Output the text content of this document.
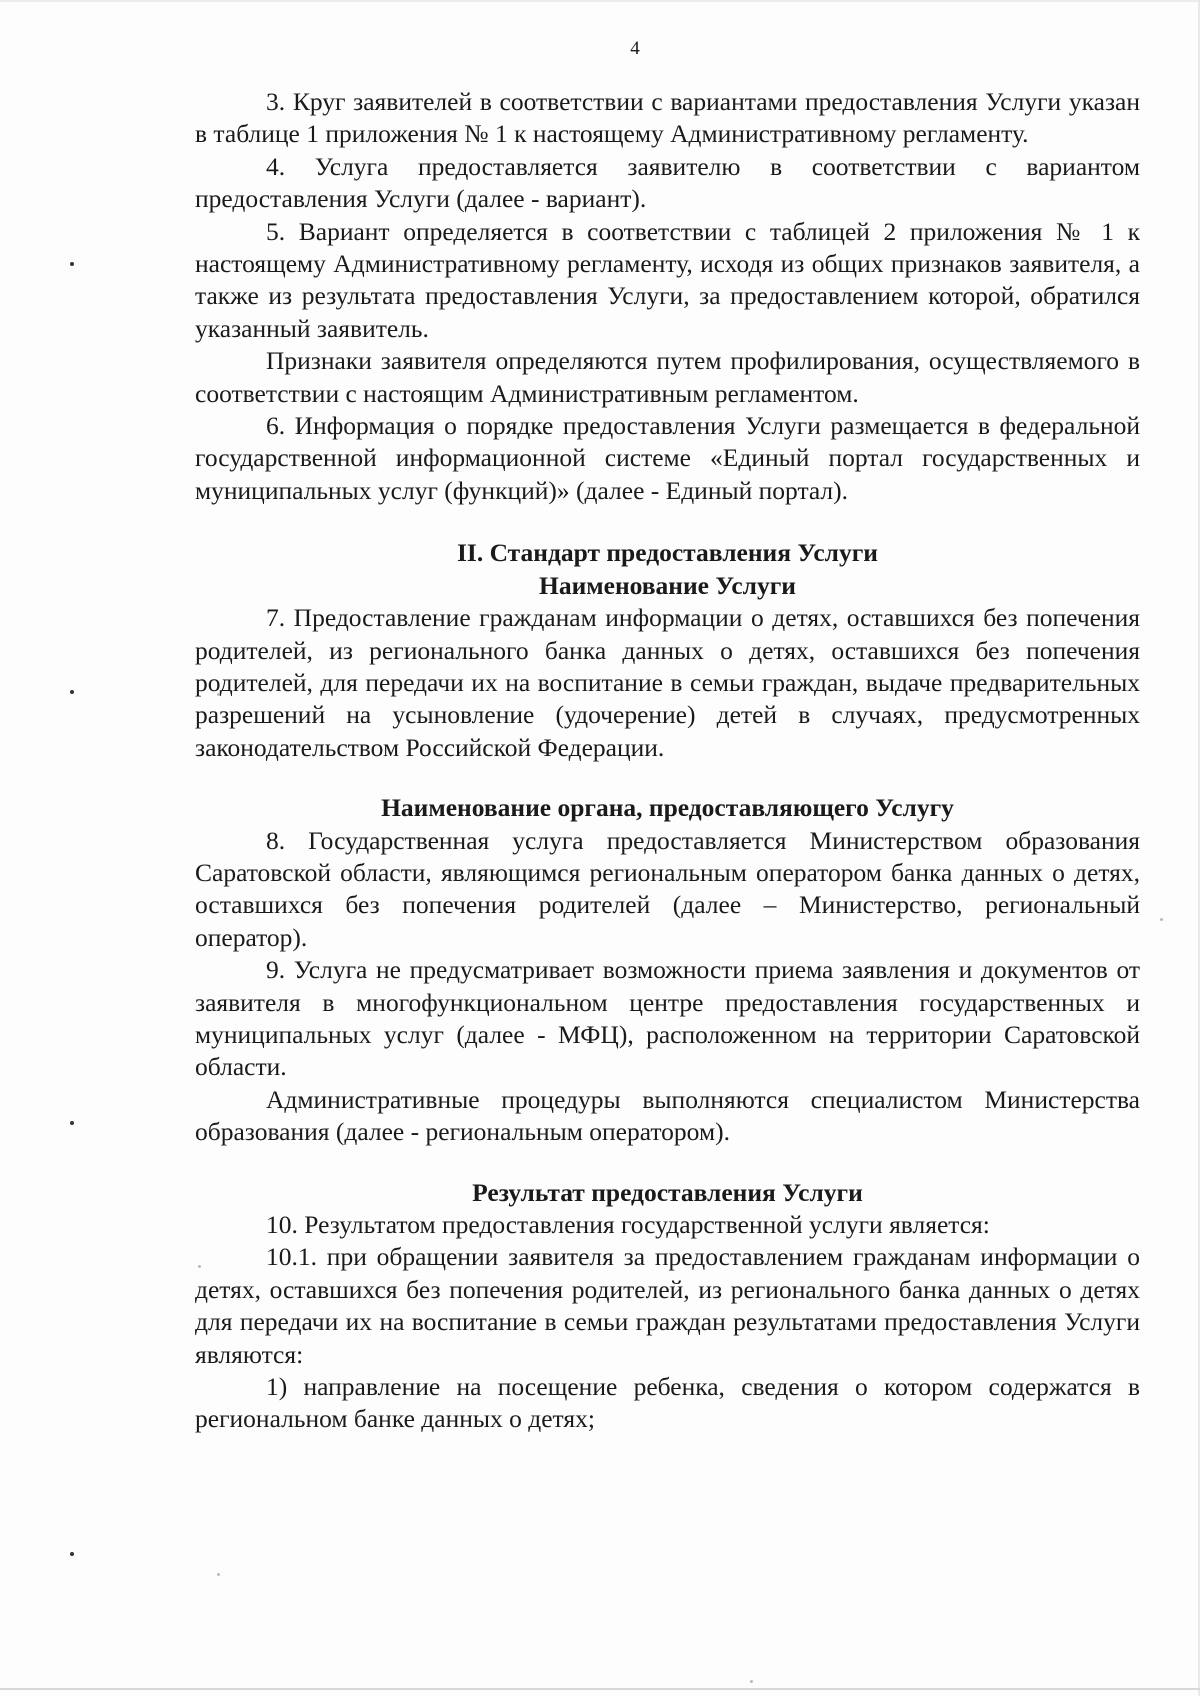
4

3. Круг заявителей в соответствии с вариантами предоставления Услуги указан в таблице 1 приложения № 1 к настоящему Административному регламенту.

4. Услуга предоставляется заявителю в соответствии с вариантом предоставления Услуги (далее - вариант).

5. Вариант определяется в соответствии с таблицей 2 приложения № 1 к настоящему Административному регламенту, исходя из общих признаков заявителя, а также из результата предоставления Услуги, за предоставлением которой, обратился указанный заявитель.

Признаки заявителя определяются путем профилирования, осуществляемого в соответствии с настоящим Административным регламентом.

6. Информация о порядке предоставления Услуги размещается в федеральной государственной информационной системе «Единый портал государственных и муниципальных услуг (функций)» (далее - Единый портал).

II. Стандарт предоставления Услуги

Наименование Услуги

7. Предоставление гражданам информации о детях, оставшихся без попечения родителей, из регионального банка данных о детях, оставшихся без попечения родителей, для передачи их на воспитание в семьи граждан, выдаче предварительных разрешений на усыновление (удочерение) детей в случаях, предусмотренных законодательством Российской Федерации.

Наименование органа, предоставляющего Услугу

8. Государственная услуга предоставляется Министерством образования Саратовской области, являющимся региональным оператором банка данных о детях, оставшихся без попечения родителей (далее – Министерство, региональный оператор).

9. Услуга не предусматривает возможности приема заявления и документов от заявителя в многофункциональном центре предоставления государственных и муниципальных услуг (далее - МФЦ), расположенном на территории Саратовской области.

Административные процедуры выполняются специалистом Министерства образования (далее - региональным оператором).

Результат предоставления Услуги

10. Результатом предоставления государственной услуги является:

10.1. при обращении заявителя за предоставлением гражданам информации о детях, оставшихся без попечения родителей, из регионального банка данных о детях для передачи их на воспитание в семьи граждан результатами предоставления Услуги являются:

1) направление на посещение ребенка, сведения о котором содержатся в региональном банке данных о детях;
